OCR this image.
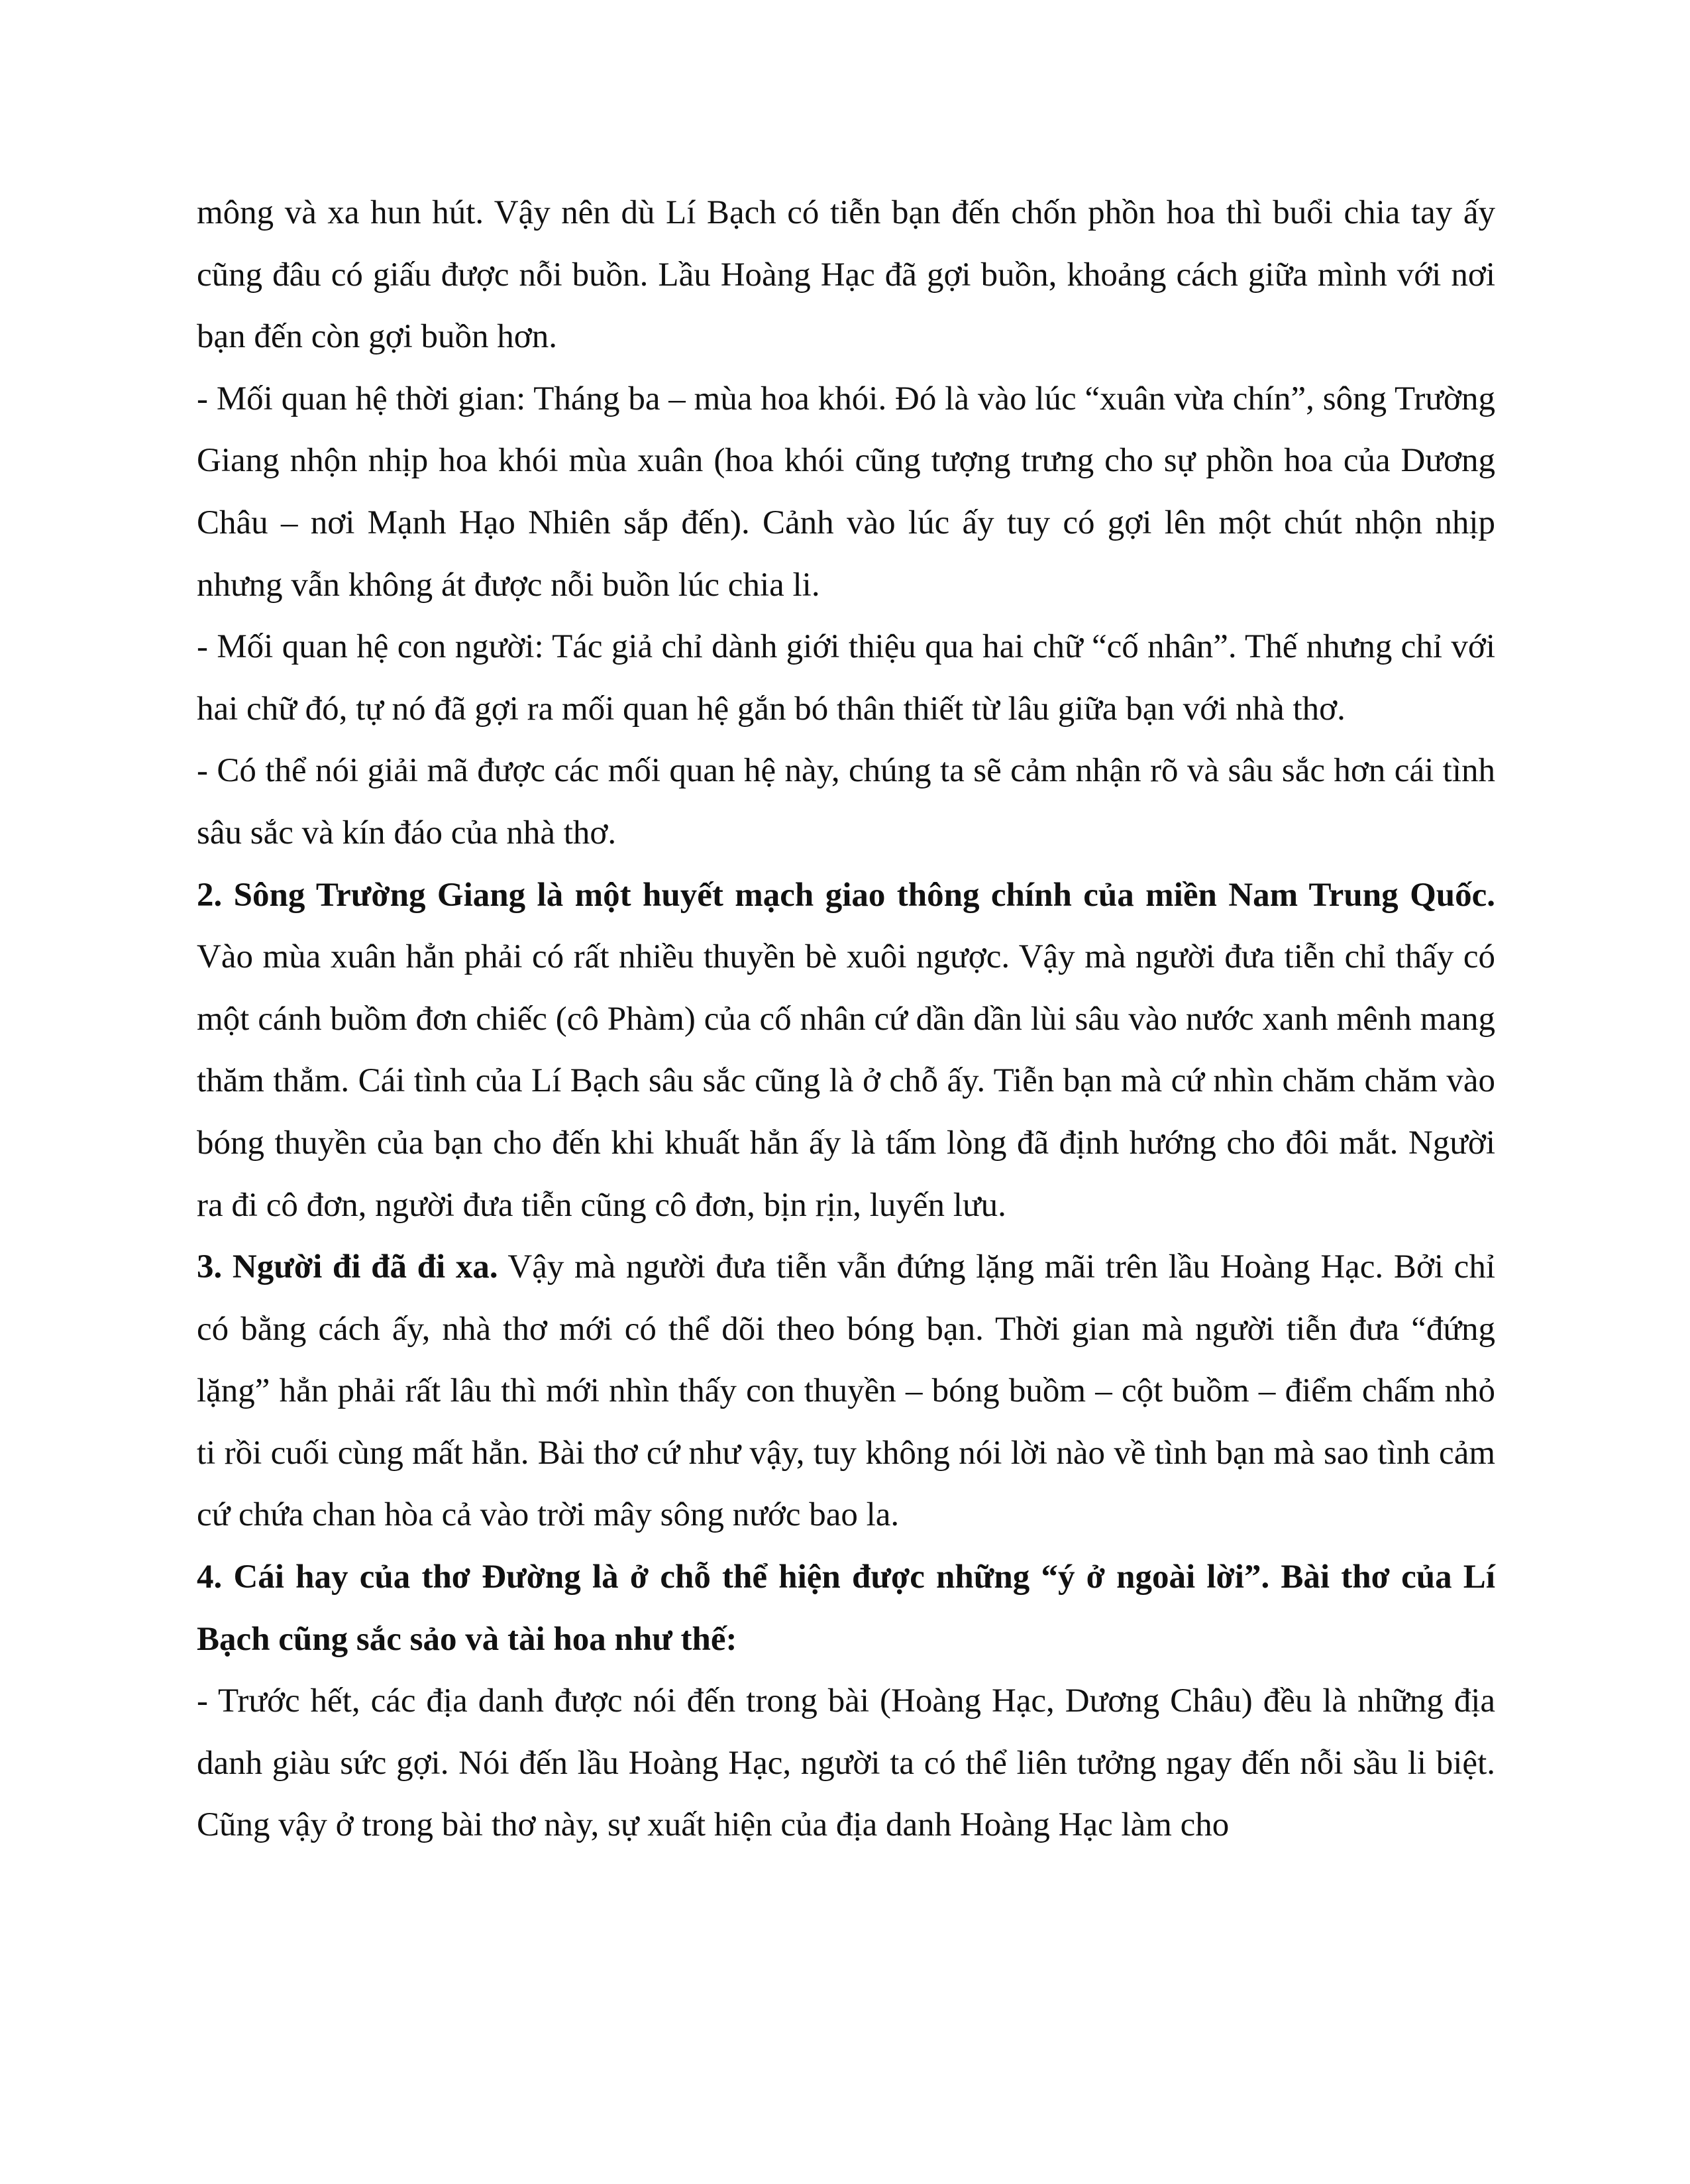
mông và xa hun hút. Vậy nên dù Lí Bạch có tiễn bạn đến chốn phồn hoa thì buổi chia tay ấy cũng đâu có giấu được nỗi buồn. Lầu Hoàng Hạc đã gợi buồn, khoảng cách giữa mình với nơi bạn đến còn gợi buồn hơn.

- Mối quan hệ thời gian: Tháng ba – mùa hoa khói. Đó là vào lúc “xuân vừa chín”, sông Trường Giang nhộn nhịp hoa khói mùa xuân (hoa khói cũng tượng trưng cho sự phồn hoa của Dương Châu – nơi Mạnh Hạo Nhiên sắp đến). Cảnh vào lúc ấy tuy có gợi lên một chút nhộn nhịp nhưng vẫn không át được nỗi buồn lúc chia li.

- Mối quan hệ con người: Tác giả chỉ dành giới thiệu qua hai chữ “cố nhân”. Thế nhưng chỉ với hai chữ đó, tự nó đã gợi ra mối quan hệ gắn bó thân thiết từ lâu giữa bạn với nhà thơ.

- Có thể nói giải mã được các mối quan hệ này, chúng ta sẽ cảm nhận rõ và sâu sắc hơn cái tình sâu sắc và kín đáo của nhà thơ.

2. Sông Trường Giang là một huyết mạch giao thông chính của miền Nam Trung Quốc. Vào mùa xuân hẳn phải có rất nhiều thuyền bè xuôi ngược. Vậy mà người đưa tiễn chỉ thấy có một cánh buồm đơn chiếc (cô Phàm) của cố nhân cứ dần dần lùi sâu vào nước xanh mênh mang thăm thẳm. Cái tình của Lí Bạch sâu sắc cũng là ở chỗ ấy. Tiễn bạn mà cứ nhìn chăm chăm vào bóng thuyền của bạn cho đến khi khuất hẳn ấy là tấm lòng đã định hướng cho đôi mắt. Người ra đi cô đơn, người đưa tiễn cũng cô đơn, bịn rịn, luyến lưu.

3. Người đi đã đi xa. Vậy mà người đưa tiễn vẫn đứng lặng mãi trên lầu Hoàng Hạc. Bởi chỉ có bằng cách ấy, nhà thơ mới có thể dõi theo bóng bạn. Thời gian mà người tiễn đưa “đứng lặng” hẳn phải rất lâu thì mới nhìn thấy con thuyền – bóng buồm – cột buồm – điểm chấm nhỏ ti rồi cuối cùng mất hẳn. Bài thơ cứ như vậy, tuy không nói lời nào về tình bạn mà sao tình cảm cứ chứa chan hòa cả vào trời mây sông nước bao la.

4. Cái hay của thơ Đường là ở chỗ thể hiện được những “ý ở ngoài lời”. Bài thơ của Lí Bạch cũng sắc sảo và tài hoa như thế:

- Trước hết, các địa danh được nói đến trong bài (Hoàng Hạc, Dương Châu) đều là những địa danh giàu sức gợi. Nói đến lầu Hoàng Hạc, người ta có thể liên tưởng ngay đến nỗi sầu li biệt. Cũng vậy ở trong bài thơ này, sự xuất hiện của địa danh Hoàng Hạc làm cho
